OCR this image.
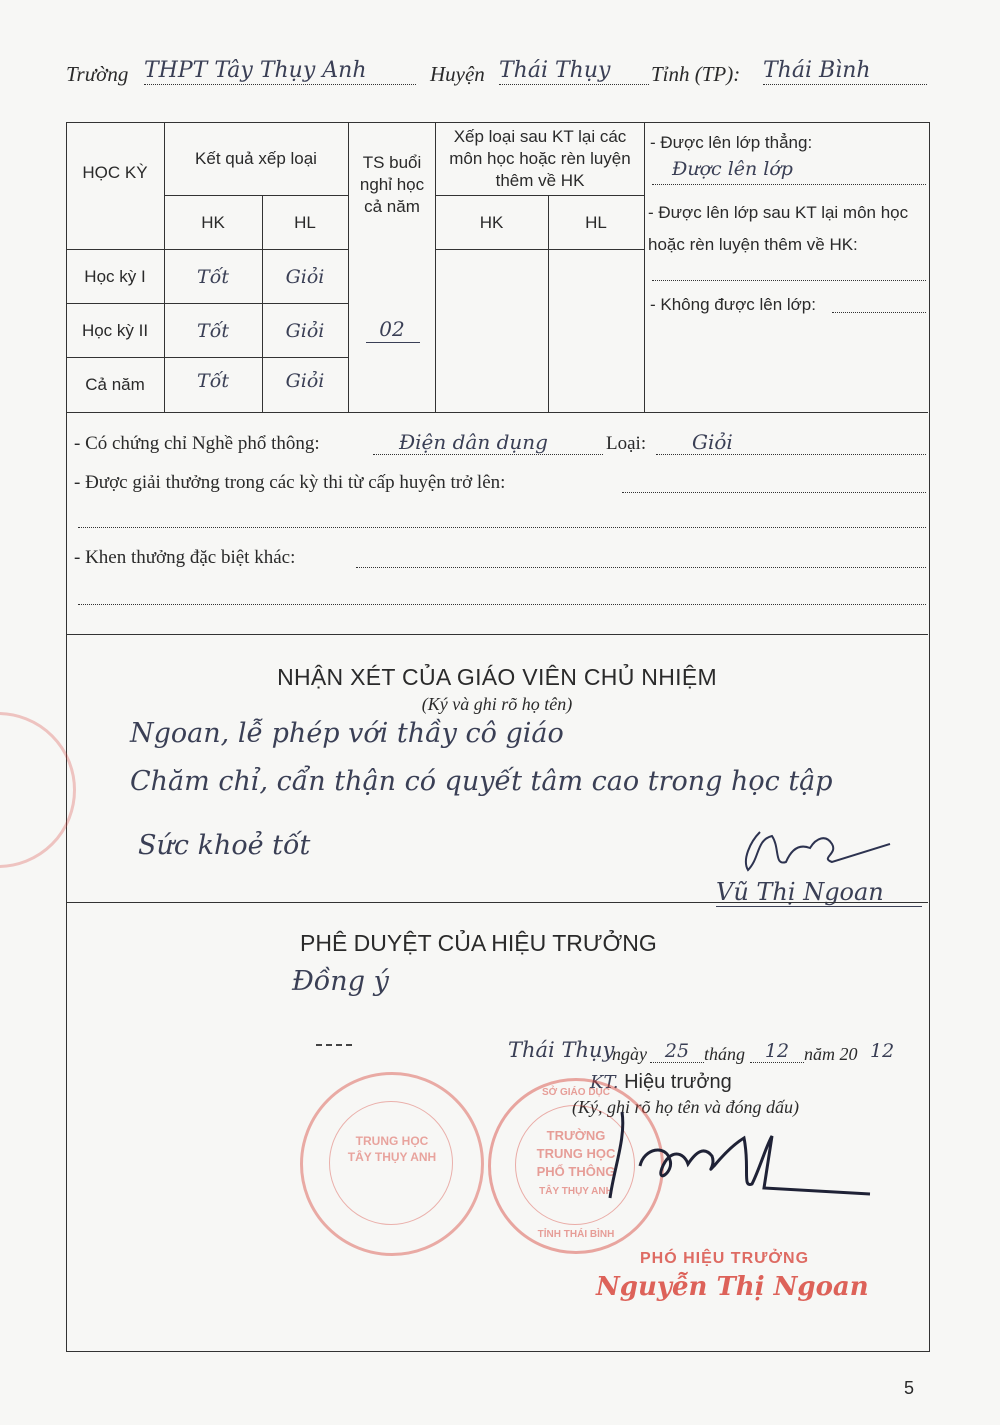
Trường THPT Tây Thụy Anh	Huyện Thái Thụy	Tỉnh (TP): Thái Bình
HỌC KỲ
Kết quả xếp loại
HK	HL
TS buổi nghỉ học cả năm
Xếp loại sau KT lại các môn học hoặc rèn luyện thêm về HK
HK	HL
Học kỳ I	Tốt	Giỏi
Học kỳ II	Tốt	Giỏi
Cả năm	Tốt	Giỏi
02
- Được lên lớp thẳng:
Được lên lớp
- Được lên lớp sau KT lại môn học hoặc rèn luyện thêm về HK:
- Không được lên lớp:
- Có chứng chỉ Nghề phổ thông:	Điện dân dụng	Loại:	Giỏi
- Được giải thưởng trong các kỳ thi từ cấp huyện trở lên:
- Khen thưởng đặc biệt khác:
NHẬN XÉT CỦA GIÁO VIÊN CHỦ NHIỆM
(Ký và ghi rõ họ tên)
Ngoan, lễ phép với thầy cô giáo
Chăm chỉ, cẩn thận có quyết tâm cao trong học tập
Sức khoẻ tốt
Vũ Thị Ngoan
PHÊ DUYỆT CỦA HIỆU TRƯỞNG
Đồng ý
TRUNG HỌC
TÂY THỤY ANH
Thái Thụy
ngày 25 tháng	12 năm 20 12
KT. Hiệu trưởng
(Ký, ghi rõ họ tên và đóng dấu)
TRƯỜNG
TRUNG HỌC
PHỔ THÔNG
TÂY THỤY ANH
SỞ GIÁO DỤC
TỈNH THÁI BÌNH
PHÓ HIỆU TRƯỞNG
Nguyễn Thị Ngoan
5
